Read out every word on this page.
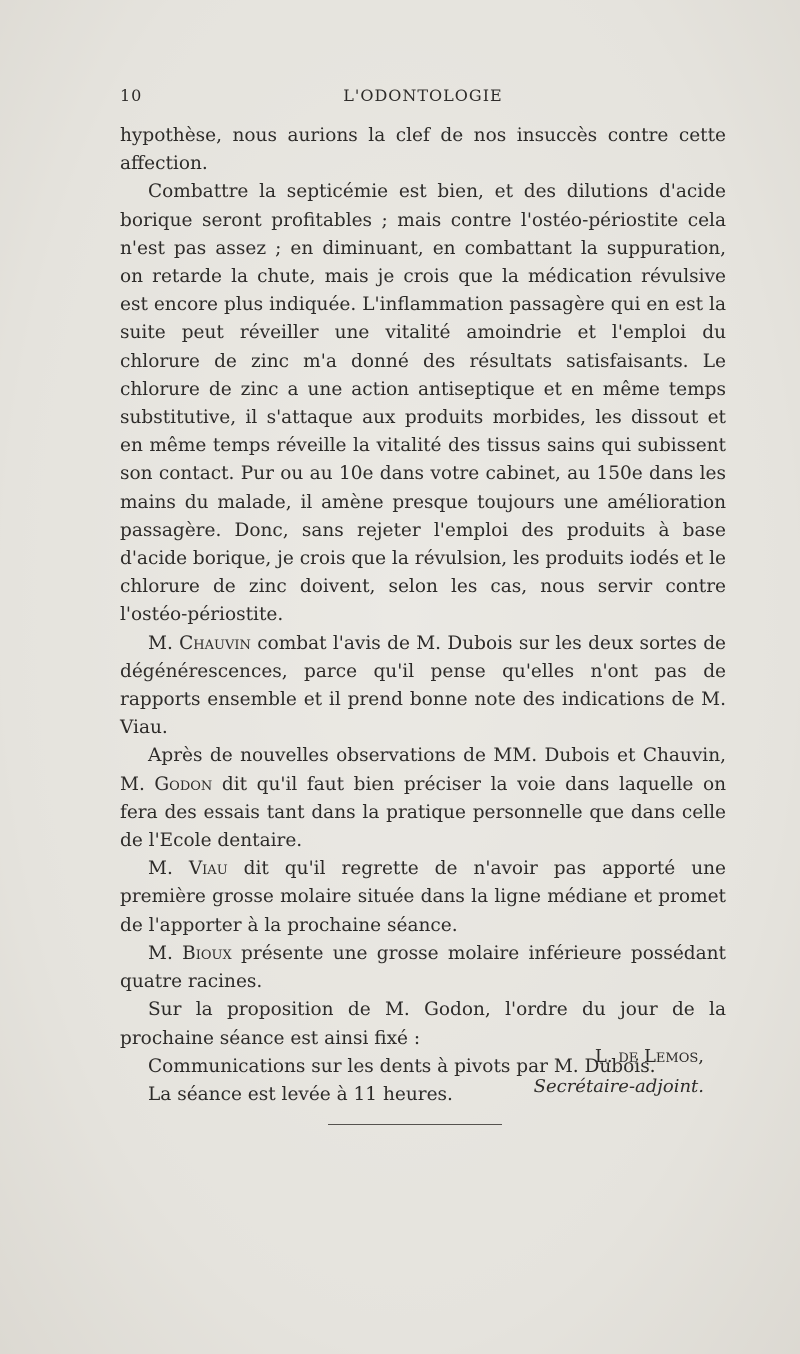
10	L'ODONTOLOGIE

hypothèse, nous aurions la clef de nos insuccès contre cette affection.

Combattre la septicémie est bien, et des dilutions d'acide borique seront profitables ; mais contre l'ostéo-périostite cela n'est pas assez ; en diminuant, en combattant la suppuration, on retarde la chute, mais je crois que la médication révulsive est encore plus indiquée. L'inflammation passagère qui en est la suite peut réveiller une vitalité amoindrie et l'emploi du chlorure de zinc m'a donné des résultats satisfaisants. Le chlorure de zinc a une action antiseptique et en même temps substitutive, il s'attaque aux produits morbides, les dissout et en même temps réveille la vitalité des tissus sains qui subissent son contact. Pur ou au 10e dans votre cabinet, au 150e dans les mains du malade, il amène presque toujours une amélioration passagère. Donc, sans rejeter l'emploi des produits à base d'acide borique, je crois que la révulsion, les produits iodés et le chlorure de zinc doivent, selon les cas, nous servir contre l'ostéo-périostite.

M. Chauvin combat l'avis de M. Dubois sur les deux sortes de dégénérescences, parce qu'il pense qu'elles n'ont pas de rapports ensemble et il prend bonne note des indications de M. Viau.

Après de nouvelles observations de MM. Dubois et Chauvin, M. Godon dit qu'il faut bien préciser la voie dans laquelle on fera des essais tant dans la pratique personnelle que dans celle de l'Ecole dentaire.

M. Viau dit qu'il regrette de n'avoir pas apporté une première grosse molaire située dans la ligne médiane et promet de l'apporter à la prochaine séance.

M. Bioux présente une grosse molaire inférieure possédant quatre racines.

Sur la proposition de M. Godon, l'ordre du jour de la prochaine séance est ainsi fixé :

Communications sur les dents à pivots par M. Dubois.

La séance est levée à 11 heures.

L. de Lemos,
Secrétaire-adjoint.
